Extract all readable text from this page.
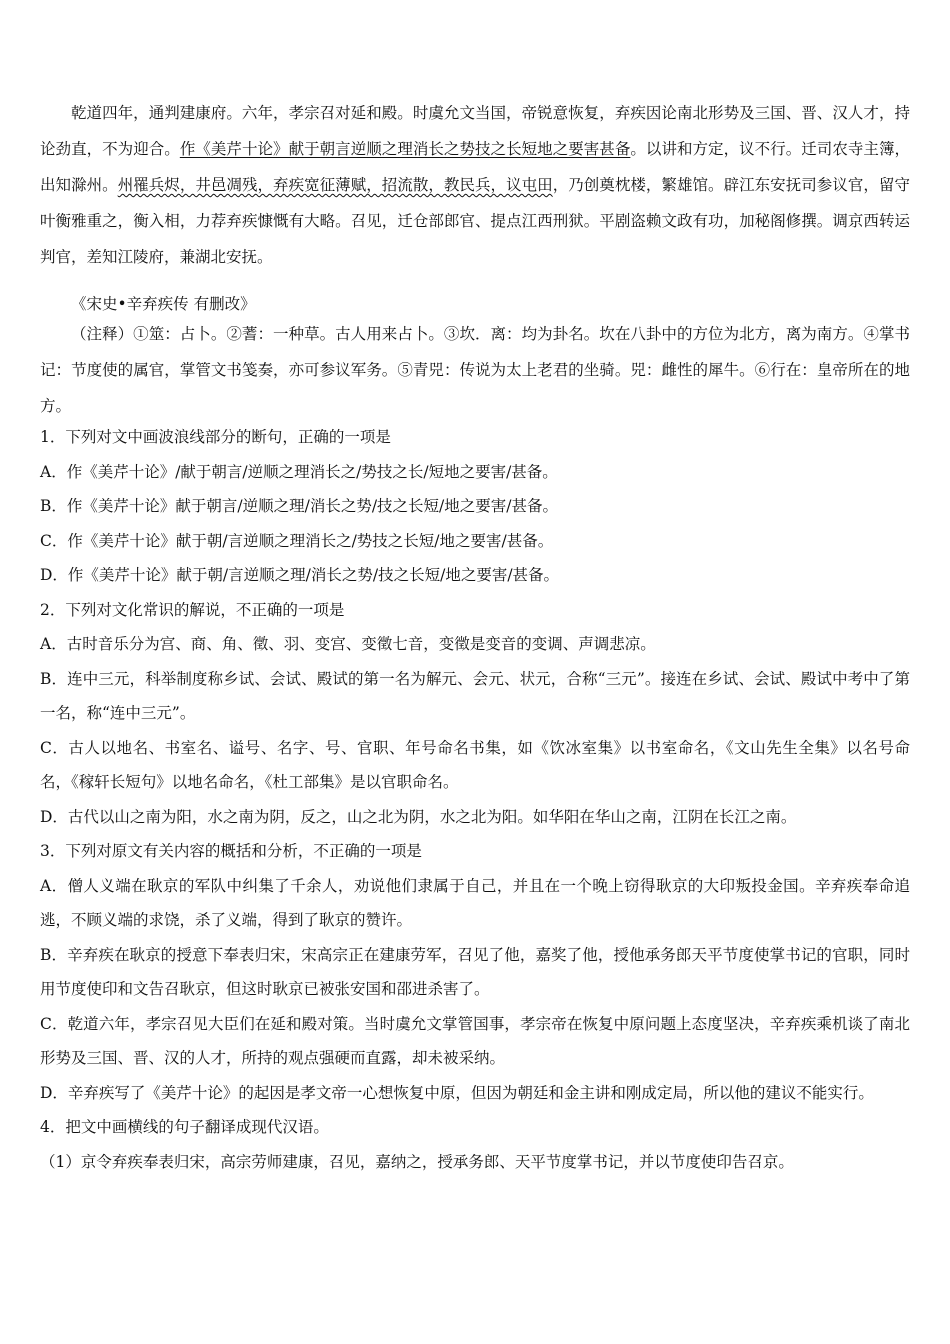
乾道四年，通判建康府。六年，孝宗召对延和殿。时虞允文当国，帝锐意恢复，弃疾因论南北形势及三国、晋、汉人才，持论劲直，不为迎合。作《美芹十论》献于朝言逆顺之理消长之势技之长短地之要害甚备。以讲和方定，议不行。迁司农寺主簿，出知滁州。州罹兵烬，井邑凋残，弃疾宽征薄赋，招流散，教民兵，议屯田，乃创奠枕楼，繁雄馆。辟江东安抚司参议官，留守叶衡雅重之，衡入相，力荐弃疾慷慨有大略。召见，迁仓部郎官、提点江西刑狱。平剧盗赖文政有功，加秘阁修撰。调京西转运判官，差知江陵府，兼湖北安抚。
《宋史•辛弃疾传 有删改》
（注释）①筮：占卜。②蓍：一种草。古人用来占卜。③坎．离：均为卦名。坎在八卦中的方位为北方，离为南方。④掌书记：节度使的属官，掌管文书笺奏，亦可参议军务。⑤青兕：传说为太上老君的坐骑。兕：雌性的犀牛。⑥行在：皇帝所在的地方。

1．下列对文中画波浪线部分的断句，正确的一项是

A．作《美芹十论》/献于朝言/逆顺之理消长之/势技之长/短地之要害/甚备。

B．作《美芹十论》献于朝言/逆顺之理/消长之势/技之长短/地之要害/甚备。

C．作《美芹十论》献于朝/言逆顺之理消长之/势技之长短/地之要害/甚备。

D．作《美芹十论》献于朝/言逆顺之理/消长之势/技之长短/地之要害/甚备。

2．下列对文化常识的解说，不正确的一项是

A．古时音乐分为宫、商、角、徵、羽、变宫、变徵七音，变徵是变音的变调、声调悲凉。

B．连中三元，科举制度称乡试、会试、殿试的第一名为解元、会元、状元，合称“三元”。接连在乡试、会试、殿试中考中了第一名，称“连中三元”。

C．古人以地名、书室名、谥号、名字、号、官职、年号命名书集，如《饮冰室集》以书室命名，《文山先生全集》以名号命名，《稼轩长短句》以地名命名，《杜工部集》是以官职命名。

D．古代以山之南为阳，水之南为阴，反之，山之北为阴，水之北为阳。如华阳在华山之南，江阴在长江之南。

3．下列对原文有关内容的概括和分析，不正确的一项是

A．僧人义端在耿京的军队中纠集了千余人，劝说他们隶属于自己，并且在一个晚上窃得耿京的大印叛投金国。辛弃疾奉命追逃，不顾义端的求饶，杀了义端，得到了耿京的赞许。

B．辛弃疾在耿京的授意下奉表归宋，宋高宗正在建康劳军，召见了他，嘉奖了他，授他承务郎天平节度使掌书记的官职，同时用节度使印和文告召耿京，但这时耿京已被张安国和邵进杀害了。

C．乾道六年，孝宗召见大臣们在延和殿对策。当时虞允文掌管国事，孝宗帝在恢复中原问题上态度坚决，辛弃疾乘机谈了南北形势及三国、晋、汉的人才，所持的观点强硬而直露，却未被采纳。

D．辛弃疾写了《美芹十论》的起因是孝文帝一心想恢复中原，但因为朝廷和金主讲和刚成定局，所以他的建议不能实行。

4．把文中画横线的句子翻译成现代汉语。

（1）京令弃疾奉表归宋，高宗劳师建康，召见，嘉纳之，授承务郎、天平节度掌书记，并以节度使印告召京。
